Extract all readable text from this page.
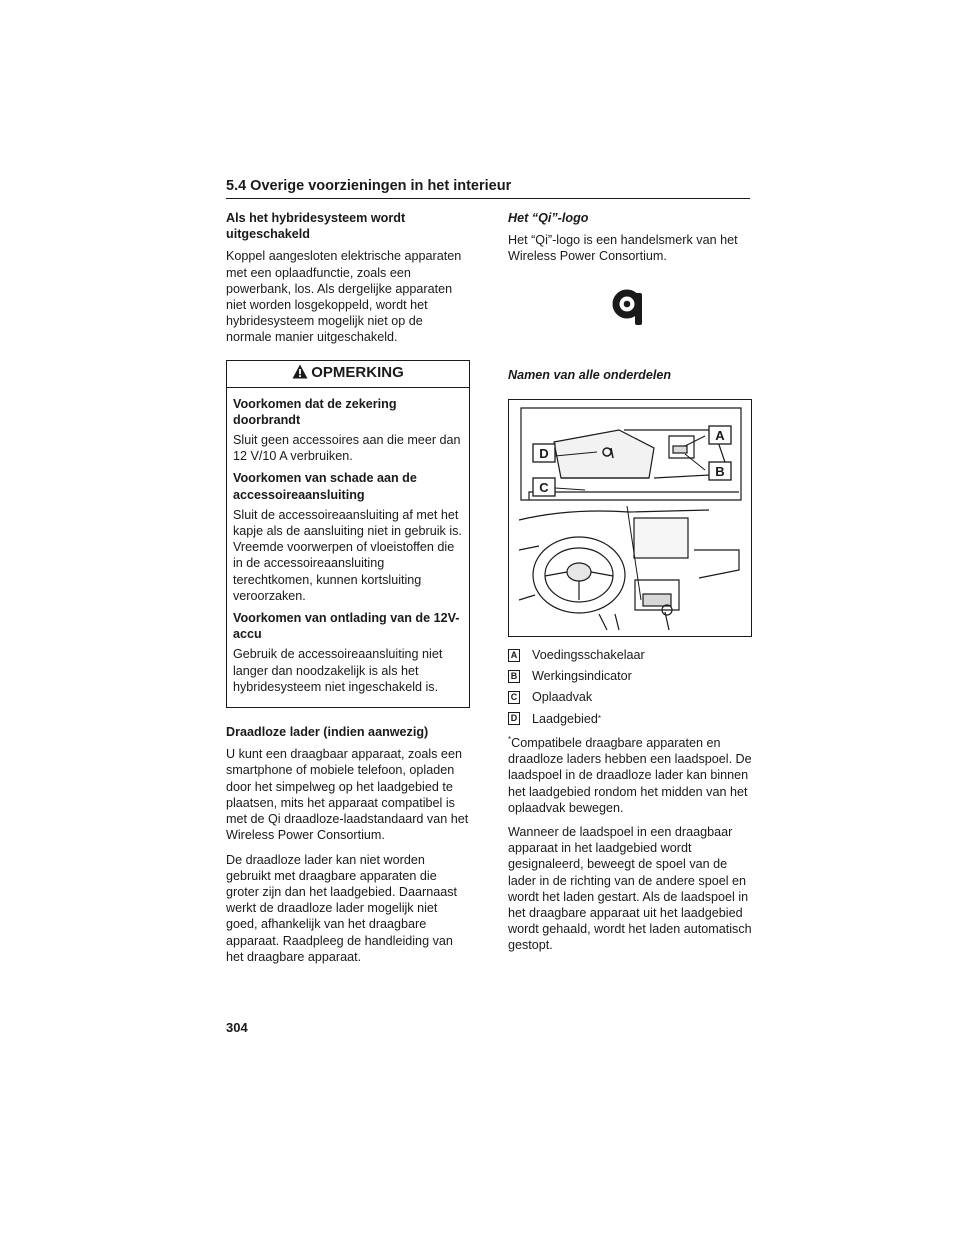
5.4 Overige voorzieningen in het interieur
Als het hybridesysteem wordt uitgeschakeld

Koppel aangesloten elektrische apparaten met een oplaadfunctie, zoals een powerbank, los. Als dergelijke apparaten niet worden losgekoppeld, wordt het hybridesysteem mogelijk niet op de normale manier uitgeschakeld.

OPMERKING
Voorkomen dat de zekering doorbrandt

Sluit geen accessoires aan die meer dan 12 V/10 A verbruiken.

Voorkomen van schade aan de accessoireaansluiting

Sluit de accessoireaansluiting af met het kapje als de aansluiting niet in gebruik is. Vreemde voorwerpen of vloeistoffen die in de accessoireaansluiting terechtkomen, kunnen kortsluiting veroorzaken.

Voorkomen van ontlading van de 12V-accu

Gebruik de accessoireaansluiting niet langer dan noodzakelijk is als het hybridesysteem niet ingeschakeld is.

Draadloze lader (indien aanwezig)

U kunt een draagbaar apparaat, zoals een smartphone of mobiele telefoon, opladen door het simpelweg op het laadgebied te plaatsen, mits het apparaat compatibel is met de Qi draadloze-laadstandaard van het Wireless Power Consortium.

De draadloze lader kan niet worden gebruikt met draagbare apparaten die groter zijn dan het laadgebied. Daarnaast werkt de draadloze lader mogelijk niet goed, afhankelijk van het draagbare apparaat. Raadpleeg de handleiding van het draagbare apparaat.

Het “Qi”-logo

Het “Qi”-logo is een handelsmerk van het Wireless Power Consortium.

Namen van alle onderdelen
A
B
D
C
A Voedingsschakelaar
B Werkingsindicator
C Oplaadvak
D Laadgebied *

*Compatibele draagbare apparaten en draadloze laders hebben een laadspoel. De laadspoel in de draadloze lader kan binnen het laadgebied rondom het midden van het oplaadvak bewegen.

Wanneer de laadspoel in een draagbaar apparaat in het laadgebied wordt gesignaleerd, beweegt de spoel van de lader in de richting van de andere spoel en wordt het laden gestart. Als de laadspoel in het draagbare apparaat uit het laadgebied wordt gehaald, wordt het laden automatisch gestopt.

304
